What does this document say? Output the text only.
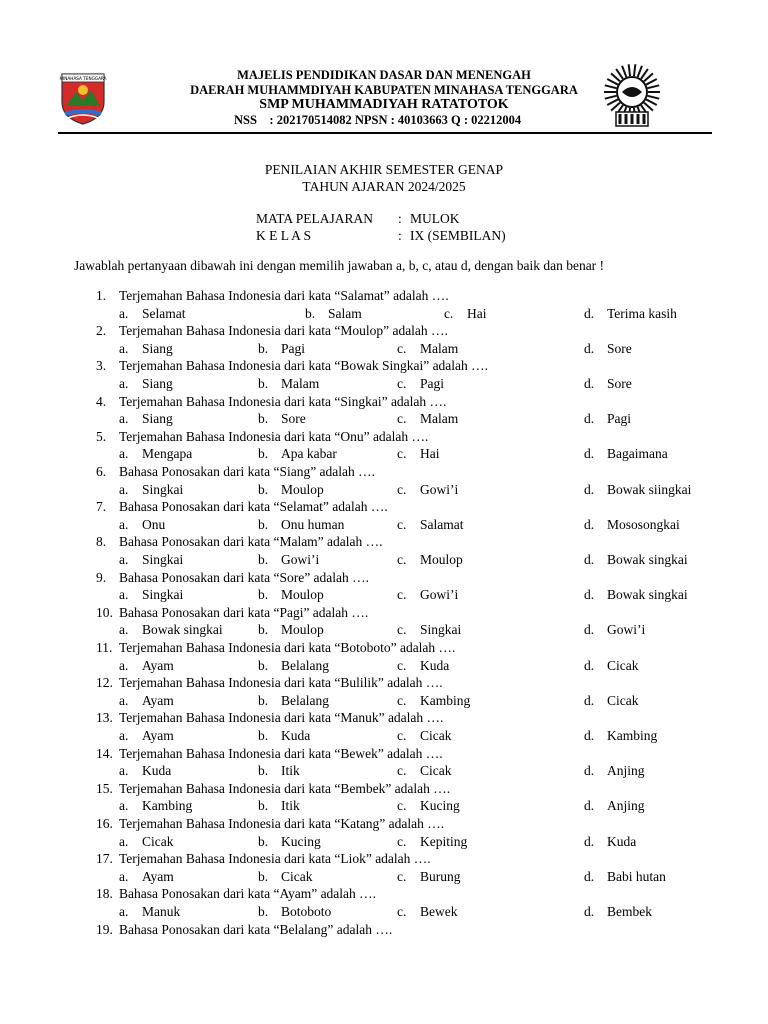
MINAHASA TENGGARA	MAJELIS PENDIDIKAN DASAR DAN MENENGAH
DAERAH MUHAMMDIYAH KABUPATEN MINAHASA TENGGARA
SMP MUHAMMADIYAH RATATOTOK
NSS    : 202170514082 NPSN : 40103663 Q : 02212004
PENILAIAN AKHIR SEMESTER GENAP
TAHUN AJARAN 2024/2025
MATA PELAJARAN : MULOK
K E L A S	: IX (SEMBILAN)
Jawablah pertanyaan dibawah ini dengan memilih jawaban a, b, c, atau d, dengan baik dan benar !
1. Terjemahan Bahasa Indonesia dari kata “Salamat” adalah ….
a. Selamat	b. Salam	c. Hai	d. Terima kasih
2. Terjemahan Bahasa Indonesia dari kata “Moulop” adalah ….
a. Siang	b. Pagi	c. Malam	d. Sore
3. Terjemahan Bahasa Indonesia dari kata “Bowak Singkai” adalah ….
a. Siang	b. Malam	c. Pagi	d. Sore
4. Terjemahan Bahasa Indonesia dari kata “Singkai” adalah ….
a. Siang	b. Sore	c. Malam	d. Pagi
5. Terjemahan Bahasa Indonesia dari kata “Onu” adalah ….
a. Mengapa	b. Apa kabar	c. Hai	d. Bagaimana
6. Bahasa Ponosakan dari kata “Siang” adalah ….
a. Singkai	b. Moulop	c. Gowi’i	d. Bowak siingkai
7. Bahasa Ponosakan dari kata “Selamat” adalah ….
a. Onu	b. Onu human	c. Salamat	d. Mososongkai
8. Bahasa Ponosakan dari kata “Malam” adalah ….
a. Singkai	b. Gowi’i	c. Moulop	d. Bowak singkai
9. Bahasa Ponosakan dari kata “Sore” adalah ….
a. Singkai	b. Moulop	c. Gowi’i	d. Bowak singkai
10. Bahasa Ponosakan dari kata “Pagi” adalah ….
a. Bowak singkai	b. Moulop	c. Singkai	d. Gowi’i
11. Terjemahan Bahasa Indonesia dari kata “Botoboto” adalah ….
a. Ayam	b. Belalang	c. Kuda	d. Cicak
12. Terjemahan Bahasa Indonesia dari kata “Bulilik” adalah ….
a. Ayam	b. Belalang	c. Kambing	d. Cicak
13. Terjemahan Bahasa Indonesia dari kata “Manuk” adalah ….
a. Ayam	b. Kuda	c. Cicak	d. Kambing
14. Terjemahan Bahasa Indonesia dari kata “Bewek” adalah ….
a. Kuda	b. Itik	c. Cicak	d. Anjing
15. Terjemahan Bahasa Indonesia dari kata “Bembek” adalah ….
a. Kambing	b. Itik	c. Kucing	d. Anjing
16. Terjemahan Bahasa Indonesia dari kata “Katang” adalah ….
a. Cicak	b. Kucing	c. Kepiting	d. Kuda
17. Terjemahan Bahasa Indonesia dari kata “Liok” adalah ….
a. Ayam	b. Cicak	c. Burung	d. Babi hutan
18. Bahasa Ponosakan dari kata “Ayam” adalah ….
a. Manuk	b. Botoboto	c. Bewek	d. Bembek
19. Bahasa Ponosakan dari kata “Belalang” adalah ….
